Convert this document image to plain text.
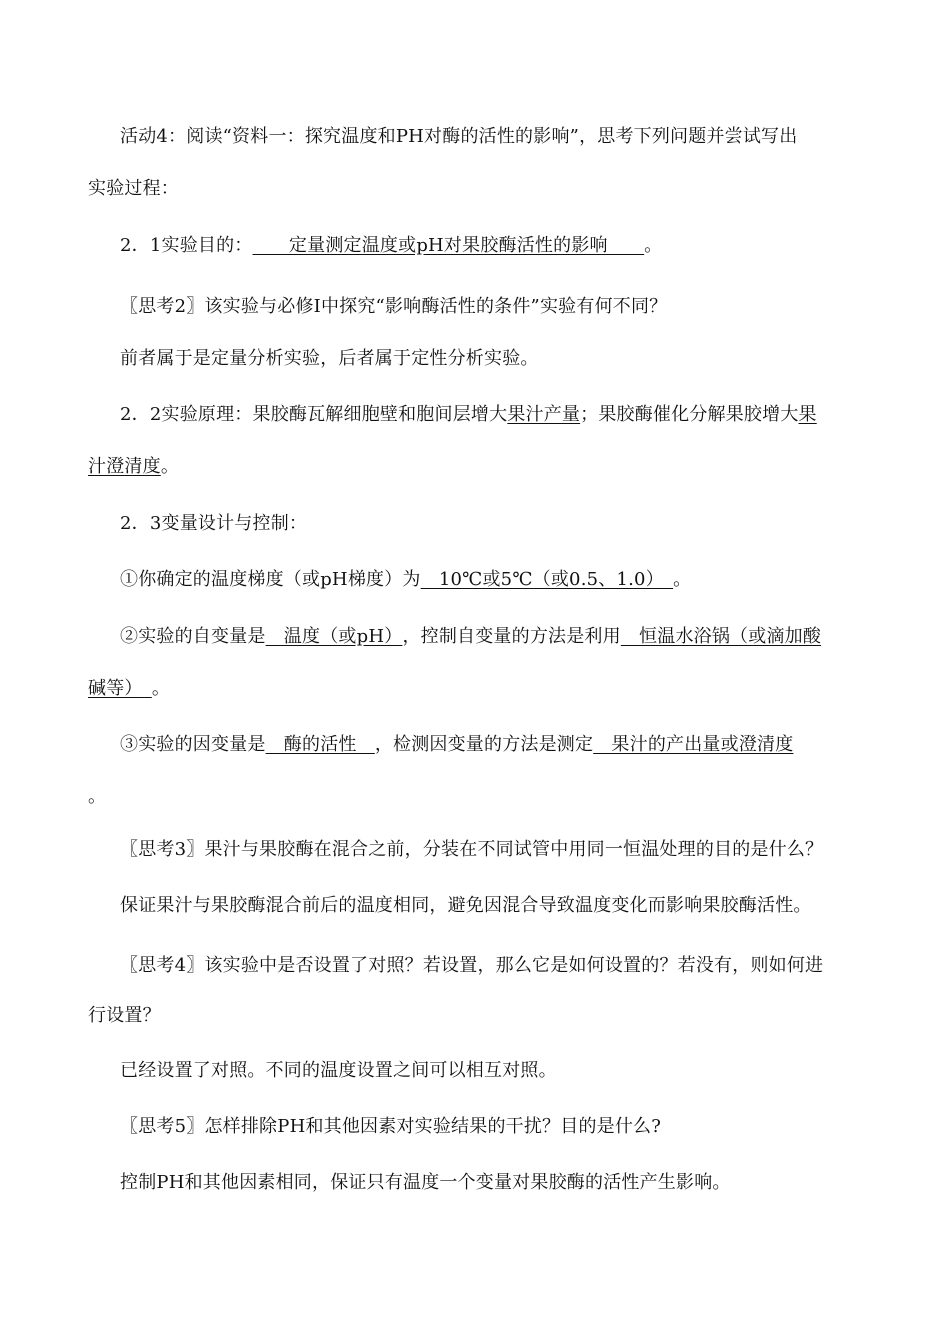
活动4：阅读“资料一：探究温度和PH对酶的活性的影响”，思考下列问题并尝试写出
实验过程：
2．1实验目的：　　定量测定温度或pH对果胶酶活性的影响　　。
〖思考2〗该实验与必修Ⅰ中探究“影响酶活性的条件”实验有何不同？
前者属于是定量分析实验，后者属于定性分析实验。
2．2实验原理：果胶酶瓦解细胞壁和胞间层增大果汁产量；果胶酶催化分解果胶增大果
汁澄清度。
2．3变量设计与控制：
①你确定的温度梯度（或pH梯度）为　10℃或5℃（或0.5、1.0）　。
②实验的自变量是　温度（或pH），控制自变量的方法是利用　恒温水浴锅（或滴加酸
碱等）　。
③实验的因变量是　酶的活性　，检测因变量的方法是测定　果汁的产出量或澄清度
。
〖思考3〗果汁与果胶酶在混合之前，分装在不同试管中用同一恒温处理的目的是什么？
保证果汁与果胶酶混合前后的温度相同，避免因混合导致温度变化而影响果胶酶活性。
〖思考4〗该实验中是否设置了对照？若设置，那么它是如何设置的？若没有，则如何进
行设置？
已经设置了对照。不同的温度设置之间可以相互对照。
〖思考5〗怎样排除PH和其他因素对实验结果的干扰？目的是什么?
控制PH和其他因素相同，保证只有温度一个变量对果胶酶的活性产生影响。
